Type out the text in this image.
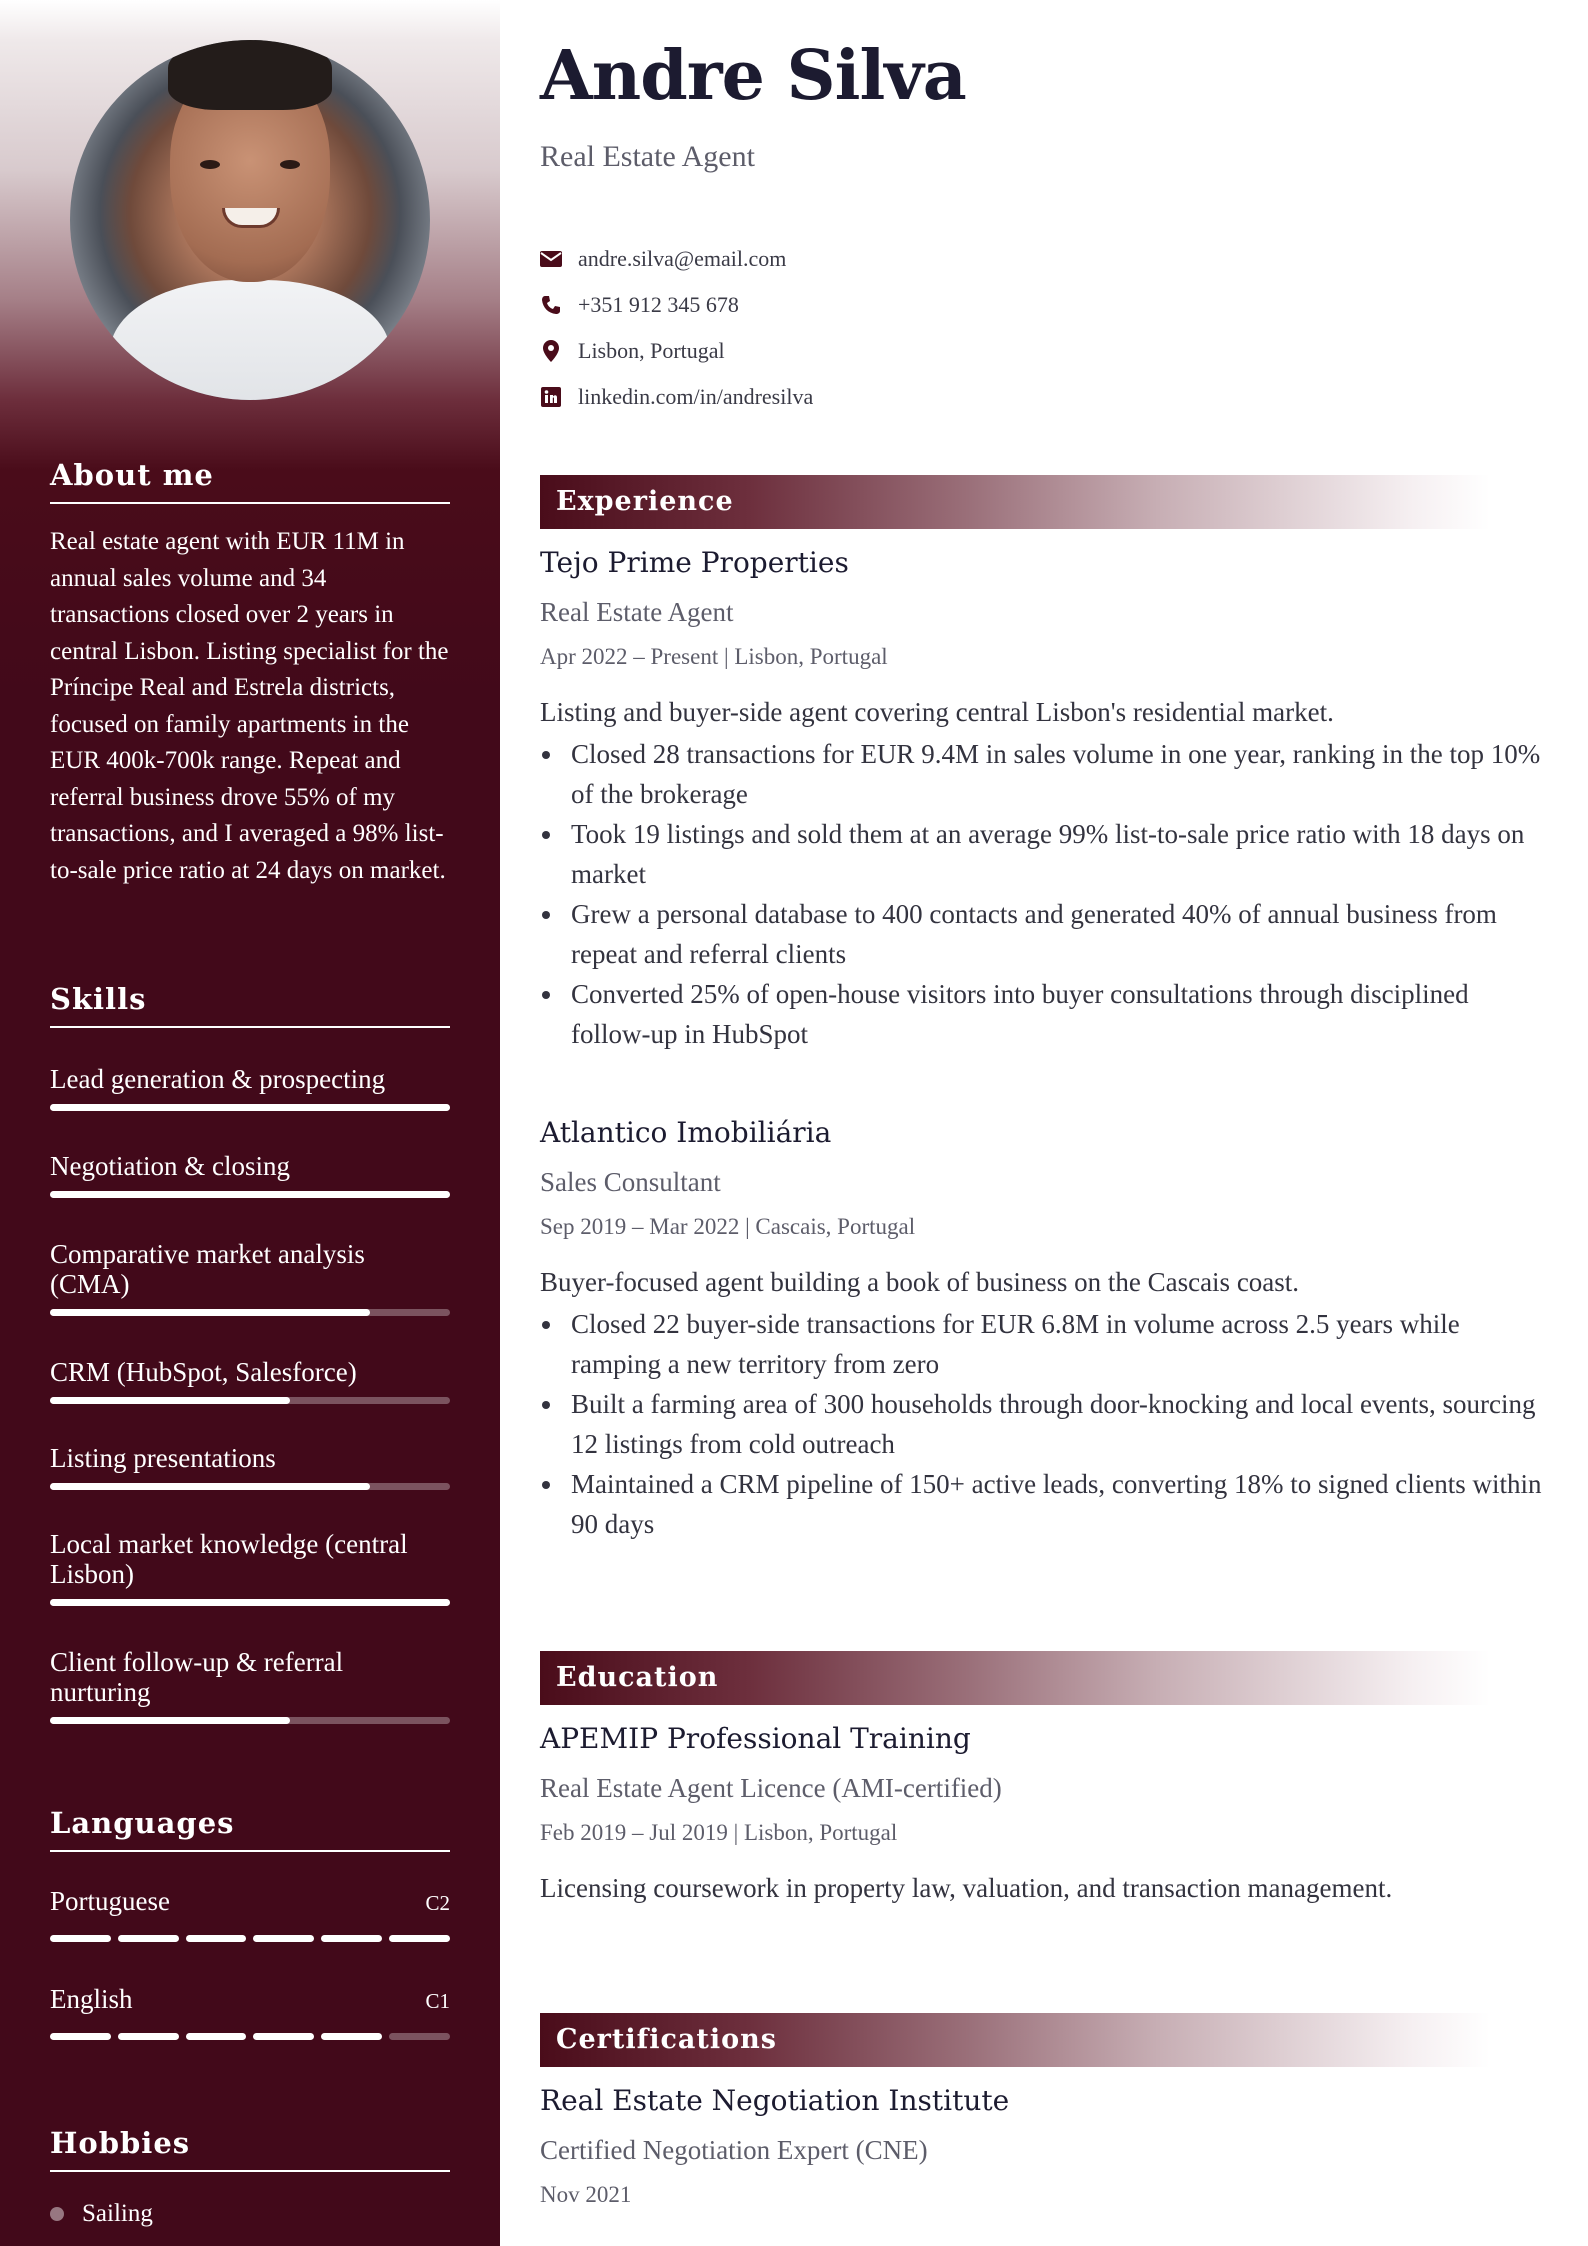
About me

Real estate agent with EUR 11M in annual sales volume and 34 transactions closed over 2 years in central Lisbon. Listing specialist for the Príncipe Real and Estrela districts, focused on family apartments in the EUR 400k-700k range. Repeat and referral business drove 55% of my transactions, and I averaged a 98% list-to-sale price ratio at 24 days on market.

Skills
Lead generation & prospecting
Negotiation & closing
Comparative market analysis (CMA)
CRM (HubSpot, Salesforce)
Listing presentations
Local market knowledge (central Lisbon)
Client follow-up & referral nurturing
Languages
Portuguese	C2
English	C1
Hobbies
Sailing
Andre Silva
Real Estate Agent
andre.silva@email.com
+351 912 345 678
Lisbon, Portugal
linkedin.com/in/andresilva
Experience
Tejo Prime Properties
Real Estate Agent
Apr 2022 – Present | Lisbon, Portugal
Listing and buyer-side agent covering central Lisbon's residential market.
Closed 28 transactions for EUR 9.4M in sales volume in one year, ranking in the top 10% of the brokerage
Took 19 listings and sold them at an average 99% list-to-sale price ratio with 18 days on market
Grew a personal database to 400 contacts and generated 40% of annual business from repeat and referral clients
Converted 25% of open-house visitors into buyer consultations through disciplined follow-up in HubSpot
Atlantico Imobiliária
Sales Consultant
Sep 2019 – Mar 2022 | Cascais, Portugal
Buyer-focused agent building a book of business on the Cascais coast.
Closed 22 buyer-side transactions for EUR 6.8M in volume across 2.5 years while ramping a new territory from zero
Built a farming area of 300 households through door-knocking and local events, sourcing 12 listings from cold outreach
Maintained a CRM pipeline of 150+ active leads, converting 18% to signed clients within 90 days
Education
APEMIP Professional Training
Real Estate Agent Licence (AMI-certified)
Feb 2019 – Jul 2019 | Lisbon, Portugal
Licensing coursework in property law, valuation, and transaction management.
Certifications
Real Estate Negotiation Institute
Certified Negotiation Expert (CNE)
Nov 2021
